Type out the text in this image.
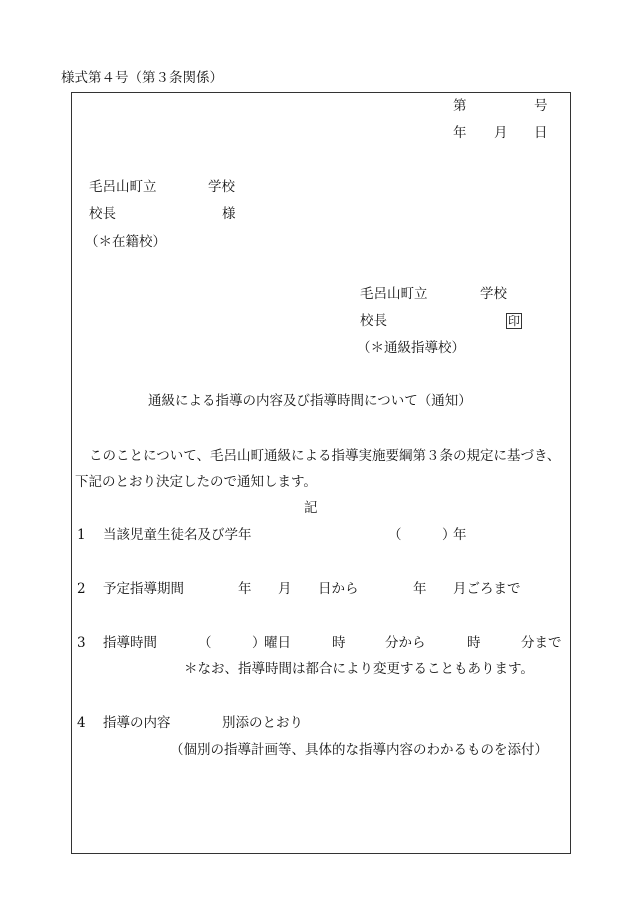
様式第４号（第３条関係）
第	号
年 月 日
毛呂山町立	学校
校長	様
（＊在籍校）
毛呂山町立	学校
校長	印
（＊通級指導校）
通級による指導の内容及び指導時間について（通知）
このことについて、毛呂山町通級による指導実施要綱第３条の規定に基づき、
下記のとおり決定したので通知します。
記
1 当該児童生徒名及び学年	（　　　）
年
2 予定指導期間	年 月 日から	年 月ごろまで
3 指導時間	（　　　）
曜日	時	分から	時	分まで
＊なお、指導時間は都合により変更することもあります。
4 指導の内容	別添のとおり
（個別の指導計画等、具体的な指導内容のわかるものを添付）
